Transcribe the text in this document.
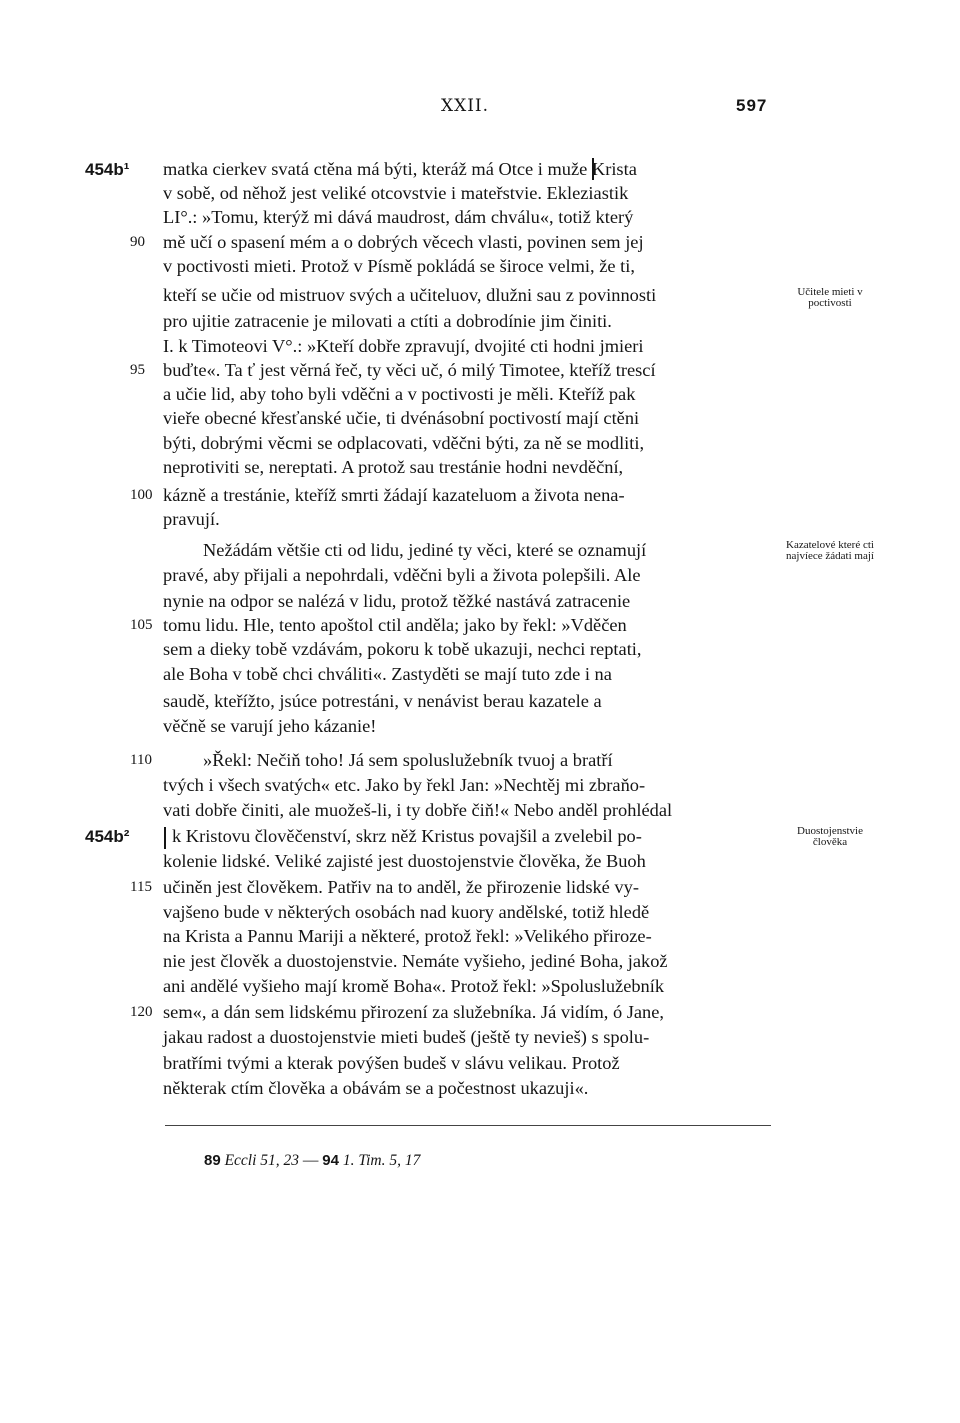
XXII.	597
454b¹
454b²
matka cierkev svatá ctěna má býti, kteráž má Otce i muže Krista
v sobě, od něhož jest veliké otcovstvie i mateřstvie. Ekleziastik
LI°.: »Tomu, kterýž mi dává maudrost, dám chválu«, totiž který
mě učí o spasení mém a o dobrých věcech vlasti, povinen sem jej
v poctivosti mieti. Protož v Písmě pokládá se široce velmi, že ti,
kteří se učie od mistruov svých a učiteluov, dlužni sau z povinnosti
pro ujitie zatracenie je milovati a ctíti a dobrodínie jim činiti.
I. k Timoteovi V°.: »Kteří dobře zpravují, dvojité cti hodni jmieri
buďte«. Ta ť jest věrná řeč, ty věci uč, ó milý Timotee, kteříž trescí
a učie lid, aby toho byli vděčni a v poctivosti je měli. Kteříž pak
vieře obecné křesťanské učie, ti dvénásobní poctivostí mají ctěni
býti, dobrými věcmi se odplacovati, vděčni býti, za ně se modliti,
neprotiviti se, nereptati. A protož sau trestánie hodni nevděční,
kázně a trestánie, kteříž smrti žádají kazateluom a života nena-
pravují.
Nežádám většie cti od lidu, jediné ty věci, které se oznamují
pravé, aby přijali a nepohrdali, vděčni byli a života polepšili. Ale
nynie na odpor se nalézá v lidu, protož těžké nastává zatracenie
tomu lidu. Hle, tento apoštol ctil anděla; jako by řekl: »Vděčen
sem a dieky tobě vzdávám, pokoru k tobě ukazuji, nechci reptati,
ale Boha v tobě chci chváliti«. Zastyděti se mají tuto zde i na
saudě, kteřížto, jsúce potrestáni, v nenávist berau kazatele a
věčně se varují jeho kázanie!
»Řekl: Nečiň toho! Já sem spoluslužebník tvuoj a bratří
tvých i všech svatých« etc. Jako by řekl Jan: »Nechtěj mi zbraňo-
vati dobře činiti, ale muožeš-li, i ty dobře čiň!« Nebo anděl prohlédal
k Kristovu člověčenství, skrz něž Kristus povajšil a zvelebil po-
kolenie lidské. Veliké zajisté jest duostojenstvie člověka, že Buoh
učiněn jest člověkem. Patřiv na to anděl, že přirozenie lidské vy-
vajšeno bude v některých osobách nad kuory andělské, totiž hledě
na Krista a Pannu Mariji a některé, protož řekl: »Velikého přiroze-
nie jest člověk a duostojenstvie. Nemáte vyšieho, jediné Boha, jakož
ani andělé vyšieho mají kromě Boha«. Protož řekl: »Spoluslužebník
sem«, a dán sem lidskému přirození za služebníka. Já vidím, ó Jane,
jakau radost a duostojenstvie mieti budeš (ještě ty nevieš) s spolu-
bratřími tvými a kterak povýšen budeš v slávu velikau. Protož
některak ctím člověka a obávám se a počestnost ukazuji«.
90
95
100
105
110
115
120
Učitele mieti v poctivosti
Kazatelové které cti najvíece žádati mají
Duostojenstvie člověka
89 Eccli 51, 23 — 94 1. Tim. 5, 17
